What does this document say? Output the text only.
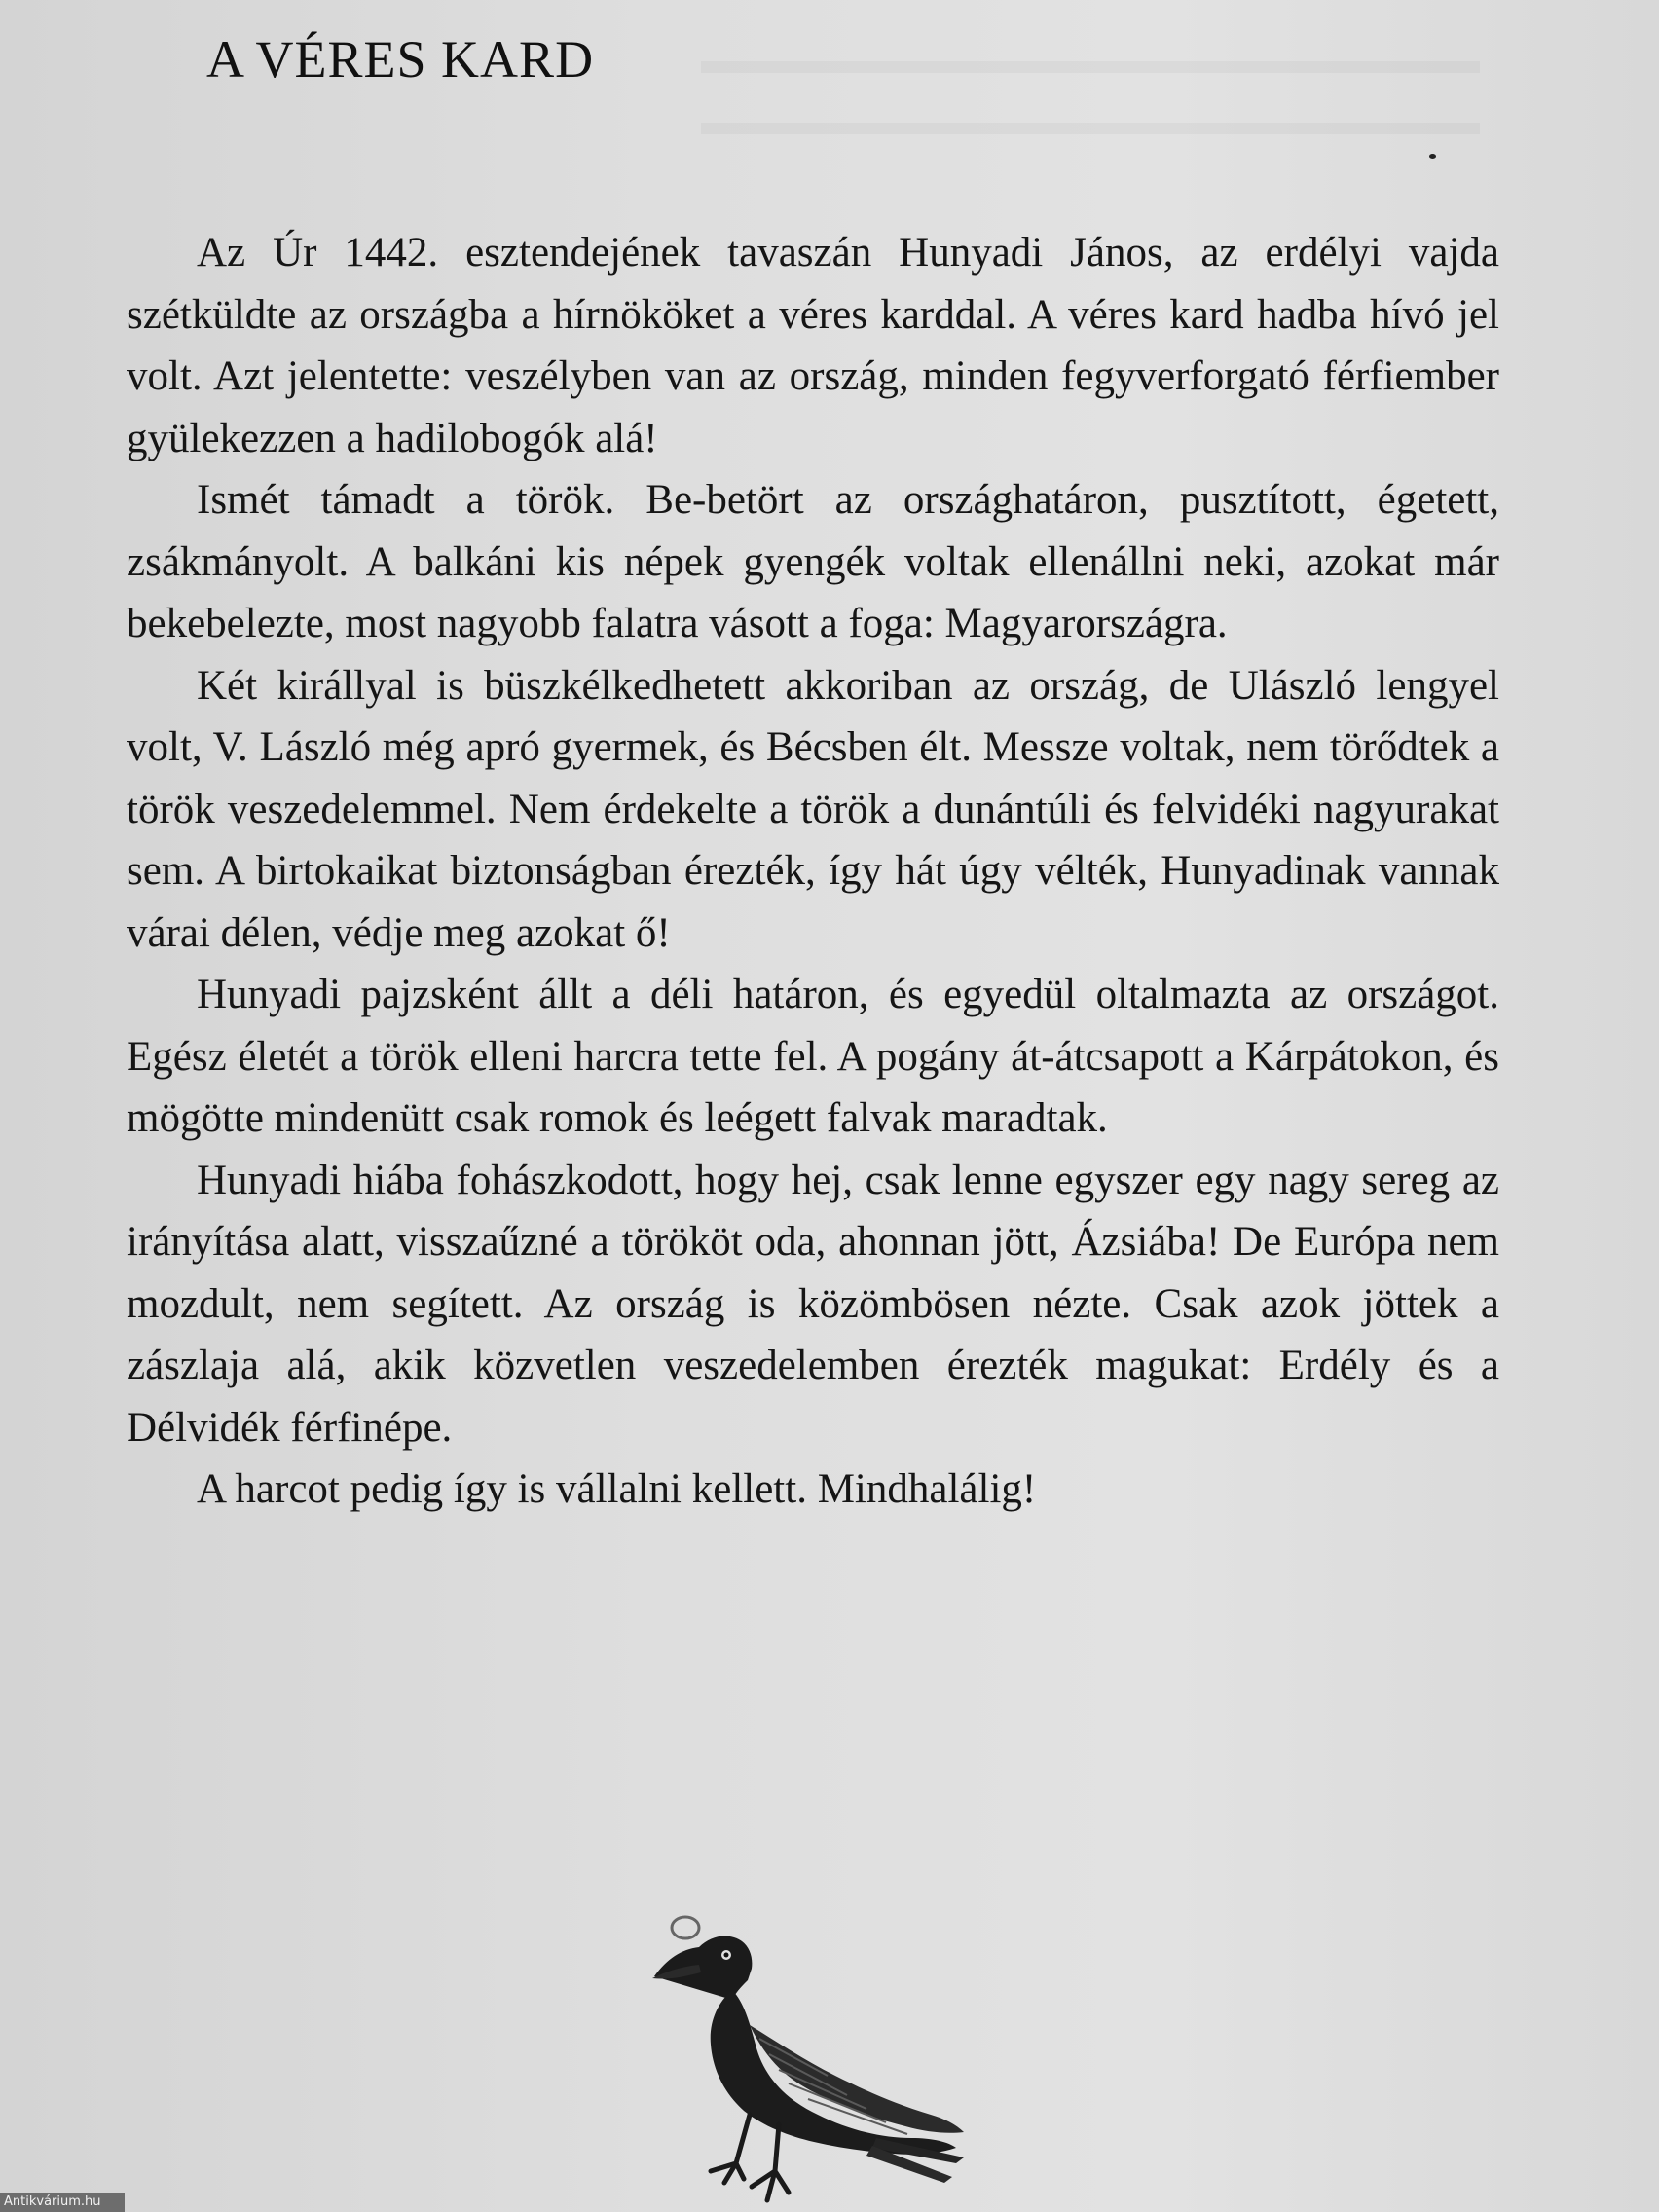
A VÉRES KARD

Az Úr 1442. esztendejének tavaszán Hunyadi János, az erdélyi vajda szétküldte az országba a hírnököket a véres karddal. A véres kard hadba hívó jel volt. Azt jelentette: veszélyben van az ország, minden fegyverforgató férfiember gyülekezzen a hadilobogók alá!

Ismét támadt a török. Be-betört az országhatáron, pusztított, égetett, zsákmányolt. A balkáni kis népek gyengék voltak ellenállni neki, azokat már bekebelezte, most nagyobb falatra vásott a foga: Magyarországra.

Két királlyal is büszkélkedhetett akkoriban az ország, de Ulászló lengyel volt, V. László még apró gyermek, és Bécsben élt. Messze voltak, nem törődtek a török veszedelemmel. Nem érdekelte a török a dunántúli és felvidéki nagyurakat sem. A birtokaikat biztonságban érezték, így hát úgy vélték, Hunyadinak vannak várai délen, védje meg azokat ő!

Hunyadi pajzsként állt a déli határon, és egyedül oltalmazta az országot. Egész életét a török elleni harcra tette fel. A pogány át-átcsapott a Kárpátokon, és mögötte mindenütt csak romok és leégett falvak maradtak.

Hunyadi hiába fohászkodott, hogy hej, csak lenne egyszer egy nagy sereg az irányítása alatt, visszaűzné a törököt oda, ahonnan jött, Ázsiába! De Európa nem mozdult, nem segített. Az ország is közömbösen nézte. Csak azok jöttek a zászlaja alá, akik közvetlen veszedelemben érezték magukat: Erdély és a Délvidék férfinépe.

A harcot pedig így is vállalni kellett. Mindhalálig!

Antikvárium.hu
